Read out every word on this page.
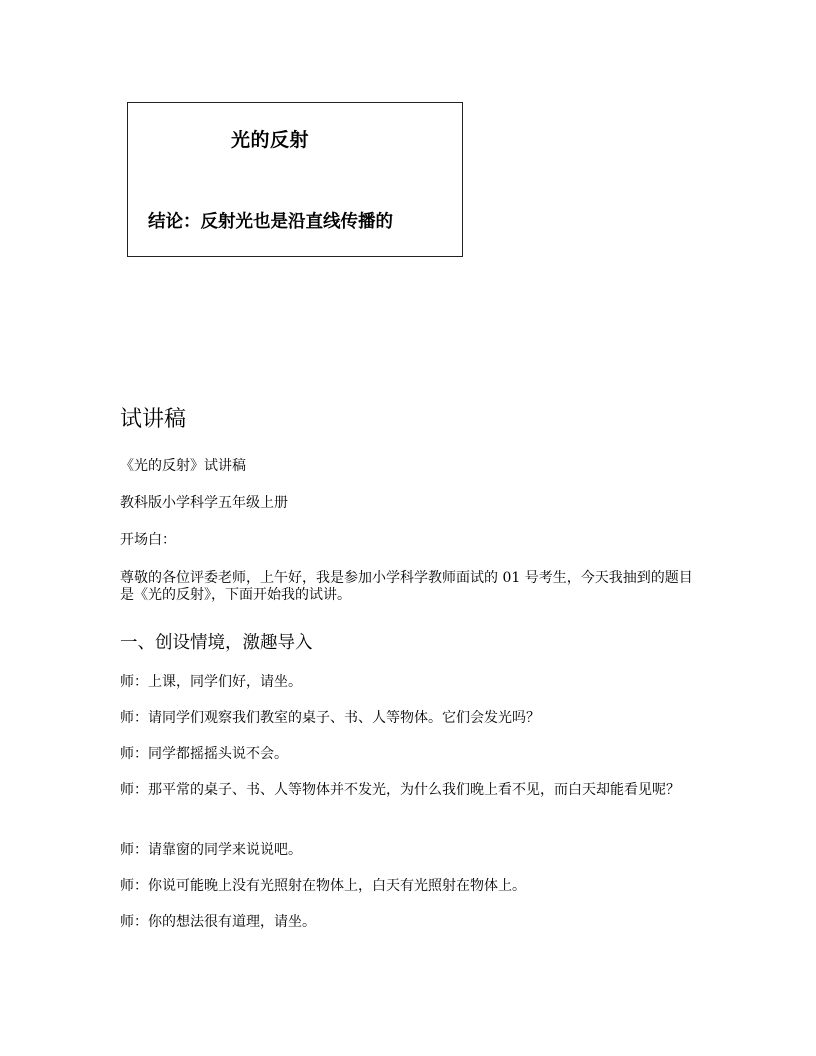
光的反射
结论：反射光也是沿直线传播的
试讲稿
《光的反射》试讲稿
教科版小学科学五年级上册
开场白：
尊敬的各位评委老师，上午好，我是参加小学科学教师面试的 01 号考生，今天我抽到的题目是《光的反射》，下面开始我的试讲。
一、创设情境，激趣导入
师：上课，同学们好，请坐。
师：请同学们观察我们教室的桌子、书、人等物体。它们会发光吗？
师：同学都摇摇头说不会。
师：那平常的桌子、书、人等物体并不发光，为什么我们晚上看不见，而白天却能看见呢？
师：请靠窗的同学来说说吧。
师：你说可能晚上没有光照射在物体上，白天有光照射在物体上。
师：你的想法很有道理，请坐。
